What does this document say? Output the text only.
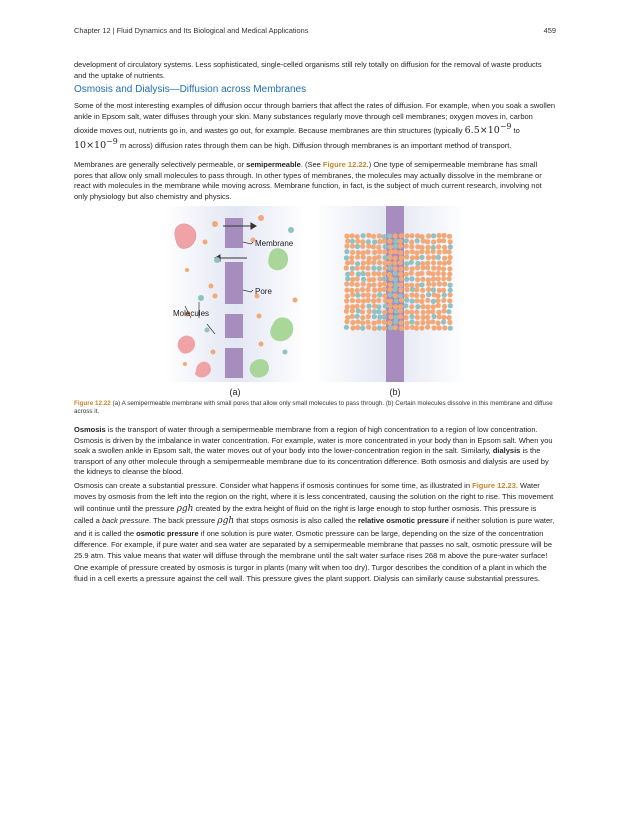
Chapter 12 | Fluid Dynamics and Its Biological and Medical Applications	459

development of circulatory systems. Less sophisticated, single-celled organisms still rely totally on diffusion for the removal of waste products and the uptake of nutrients.

Osmosis and Dialysis—Diffusion across Membranes

Some of the most interesting examples of diffusion occur through barriers that affect the rates of diffusion. For example, when you soak a swollen ankle in Epsom salt, water diffuses through your skin. Many substances regularly move through cell membranes; oxygen moves in, carbon dioxide moves out, nutrients go in, and wastes go out, for example. Because membranes are thin structures (typically $6.5\times 10^{-9}$ to $10\times 10^{-9}$ m across) diffusion rates through them can be high. Diffusion through membranes is an important method of transport.

Membranes are generally selectively permeable, or semipermeable. (See Figure 12.22.) One type of semipermeable membrane has small pores that allow only small molecules to pass through. In other types of membranes, the molecules may actually dissolve in the membrane or react with molecules in the membrane while moving across. Membrane function, in fact, is the subject of much current research, involving not only physiology but also chemistry and physics.

Membrane
Pore
Molecules
(a)	(b)
Figure 12.22 (a) A semipermeable membrane with small pores that allow only small molecules to pass through. (b) Certain molecules dissolve in this membrane and diffuse across it.

Osmosis is the transport of water through a semipermeable membrane from a region of high concentration to a region of low concentration. Osmosis is driven by the imbalance in water concentration. For example, water is more concentrated in your body than in Epsom salt. When you soak a swollen ankle in Epsom salt, the water moves out of your body into the lower-concentration region in the salt. Similarly, dialysis is the transport of any other molecule through a semipermeable membrane due to its concentration difference. Both osmosis and dialysis are used by the kidneys to cleanse the blood.

Osmosis can create a substantial pressure. Consider what happens if osmosis continues for some time, as illustrated in Figure 12.23. Water moves by osmosis from the left into the region on the right, where it is less concentrated, causing the solution on the right to rise. This movement will continue until the pressure ρgh created by the extra height of fluid on the right is large enough to stop further osmosis. This pressure is called a back pressure. The back pressure ρgh that stops osmosis is also called the relative osmotic pressure if neither solution is pure water, and it is called the osmotic pressure if one solution is pure water. Osmotic pressure can be large, depending on the size of the concentration difference. For example, if pure water and sea water are separated by a semipermeable membrane that passes no salt, osmotic pressure will be 25.9 atm. This value means that water will diffuse through the membrane until the salt water surface rises 268 m above the pure-water surface! One example of pressure created by osmosis is turgor in plants (many wilt when too dry). Turgor describes the condition of a plant in which the fluid in a cell exerts a pressure against the cell wall. This pressure gives the plant support. Dialysis can similarly cause substantial pressures.
